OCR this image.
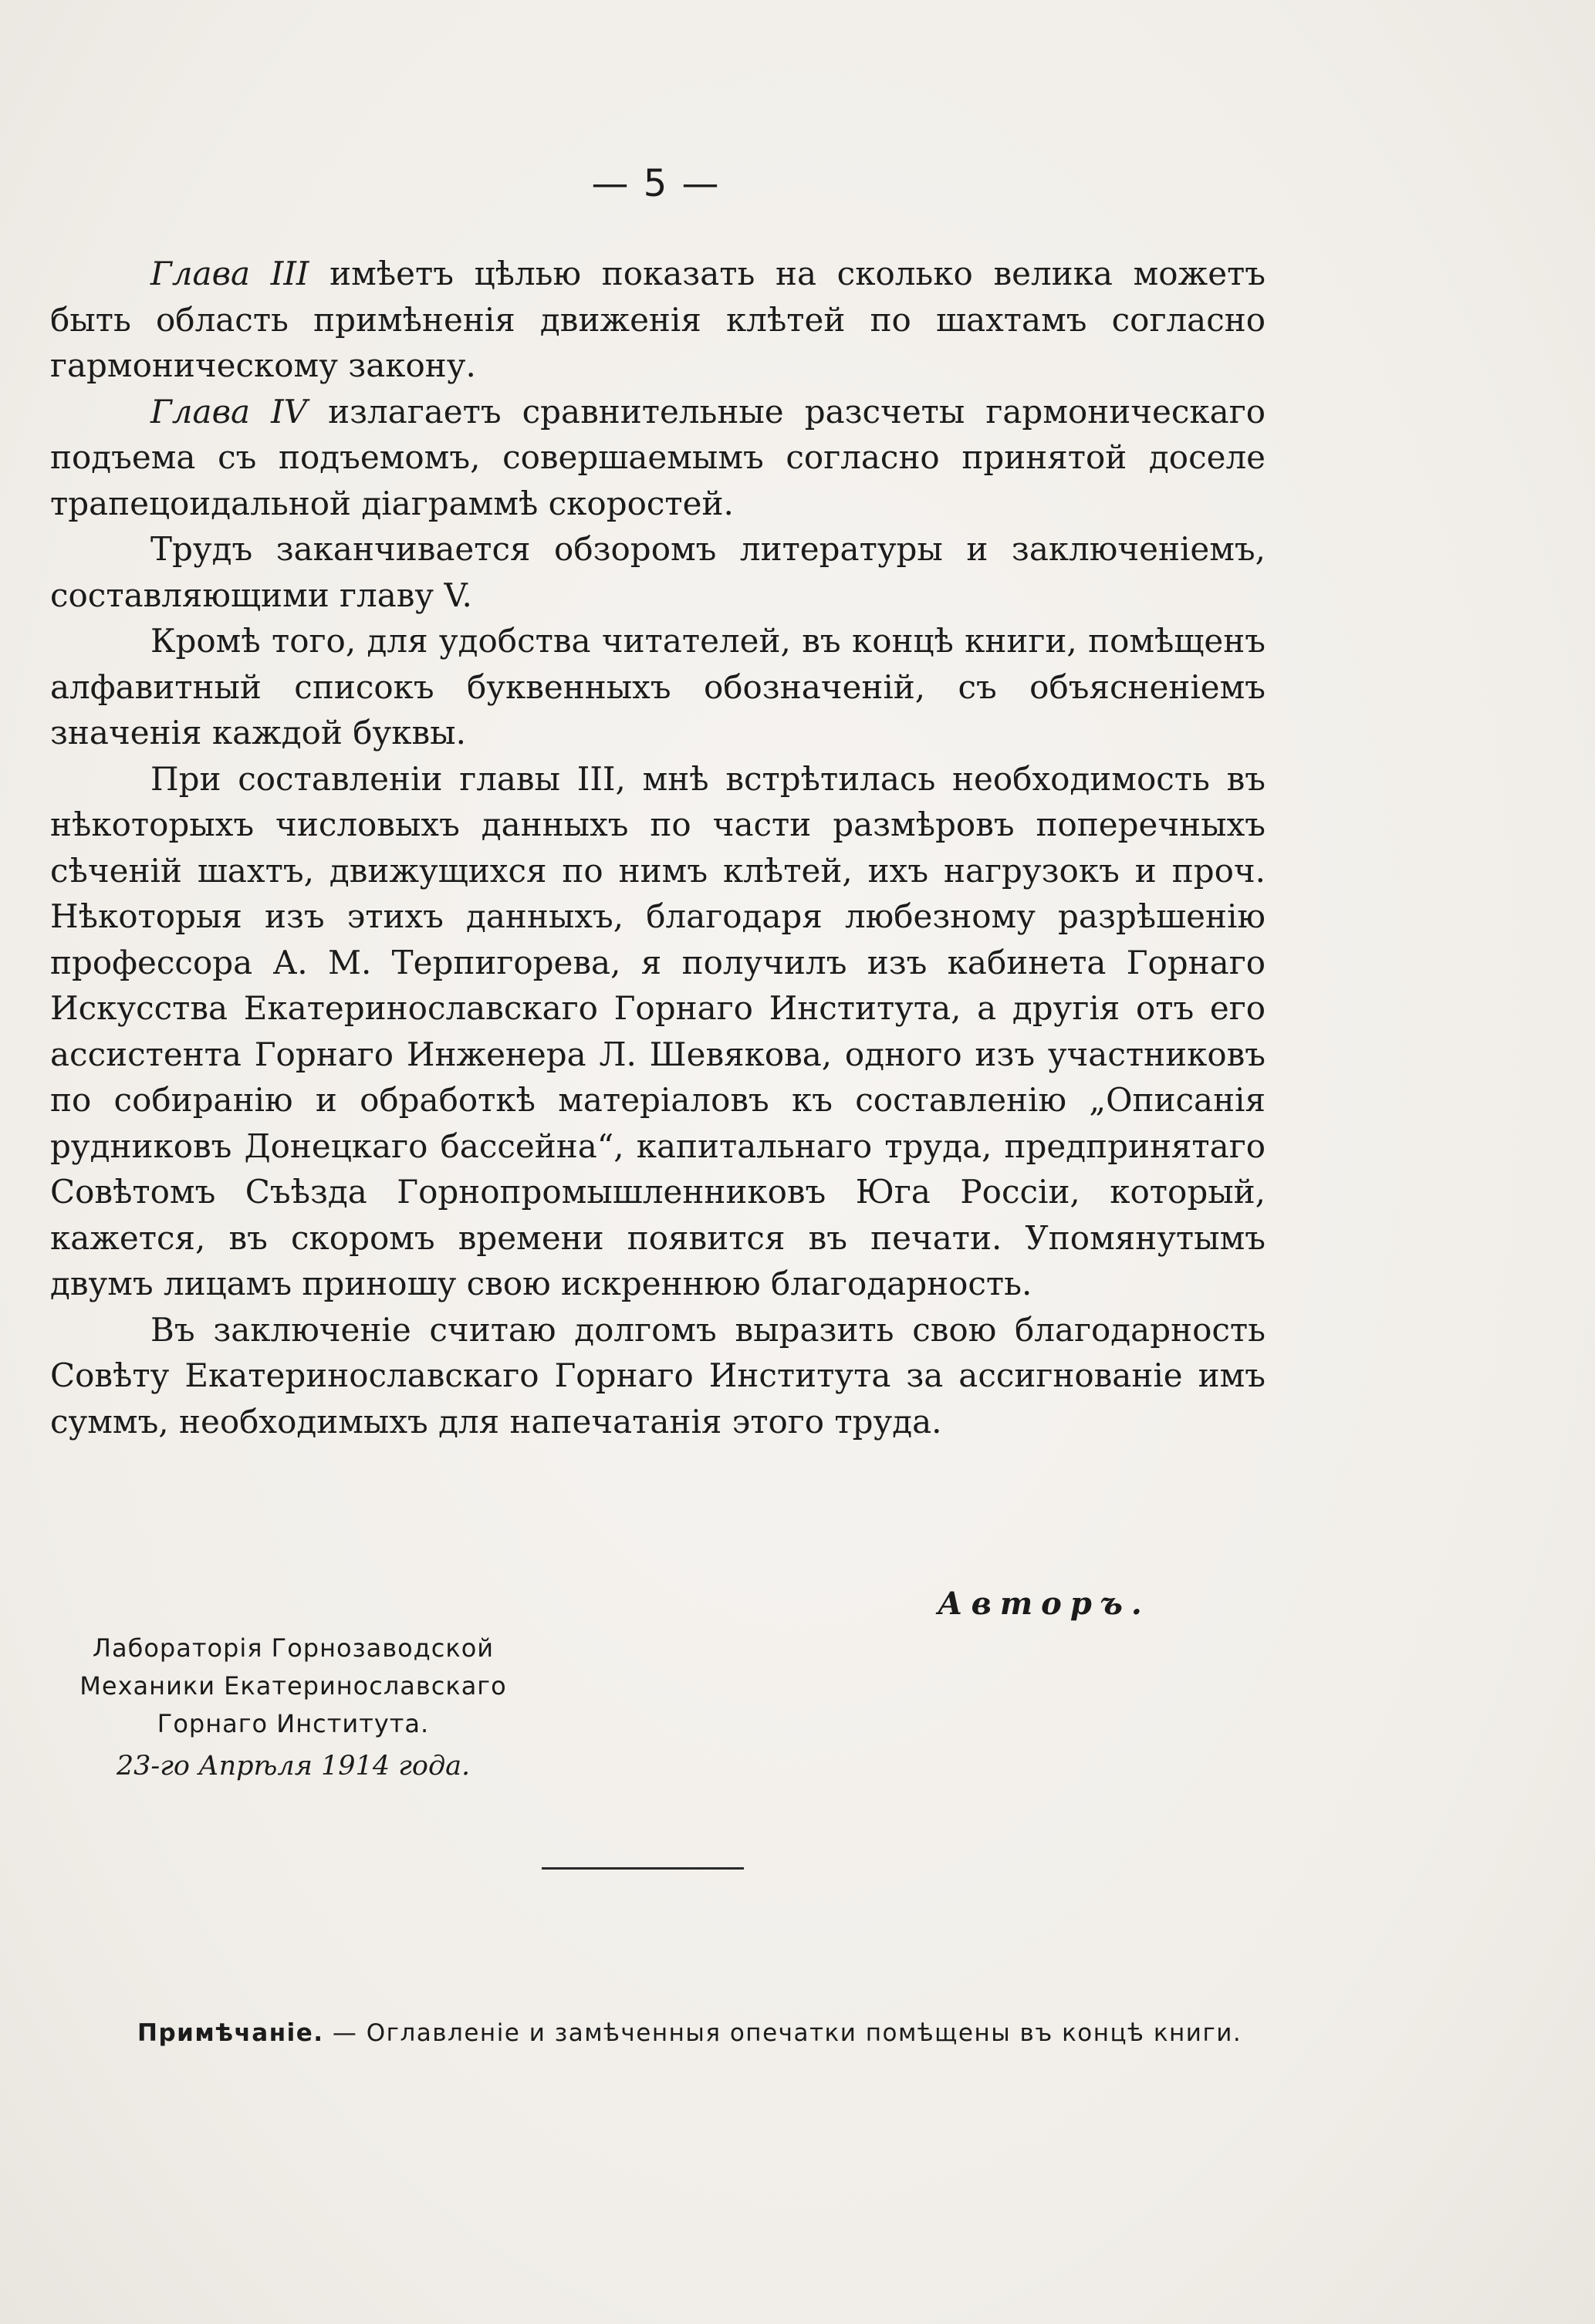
— 5 —

Глава III имѣетъ цѣлью показать на сколько велика можетъ быть область примѣненія движенія клѣтей по шахтамъ согласно гармоническому закону.

Глава IV излагаетъ сравнительные разсчеты гармоническаго подъема съ подъемомъ, совершаемымъ согласно принятой доселе трапецоидальной діаграммѣ скоростей.

Трудъ заканчивается обзоромъ литературы и заключеніемъ, составляющими главу V.

Кромѣ того, для удобства читателей, въ концѣ книги, помѣщенъ алфавитный списокъ буквенныхъ обозначеній, съ объясненіемъ значенія каждой буквы.

При составленіи главы III, мнѣ встрѣтилась необходимость въ нѣкоторыхъ числовыхъ данныхъ по части размѣровъ поперечныхъ сѣченій шахтъ, движущихся по нимъ клѣтей, ихъ нагрузокъ и проч. Нѣкоторыя изъ этихъ данныхъ, благодаря любезному разрѣшенію профессора А. М. Терпигорева, я получилъ изъ кабинета Горнаго Искусства Екатеринославскаго Горнаго Института, а другія отъ его ассистента Горнаго Инженера Л. Шевякова, одного изъ участниковъ по собиранію и обработкѣ матеріаловъ къ составленію „Описанія рудниковъ Донецкаго бассейна“, капитальнаго труда, предпринятаго Совѣтомъ Съѣзда Горнопромышленниковъ Юга Россіи, который, кажется, въ скоромъ времени появится въ печати. Упомянутымъ двумъ лицамъ приношу свою искреннюю благодарность.

Въ заключеніе считаю долгомъ выразить свою благодарность Совѣту Екатеринославскаго Горнаго Института за ассигнованіе имъ суммъ, необходимыхъ для напечатанія этого труда.

Авторъ.
Лабораторія Горнозаводской
Механики Екатеринославскаго
Горнаго Института.
23-го Апрѣля 1914 года.
Примѣчаніе. — Оглавленіе и замѣченныя опечатки помѣщены въ концѣ книги.
